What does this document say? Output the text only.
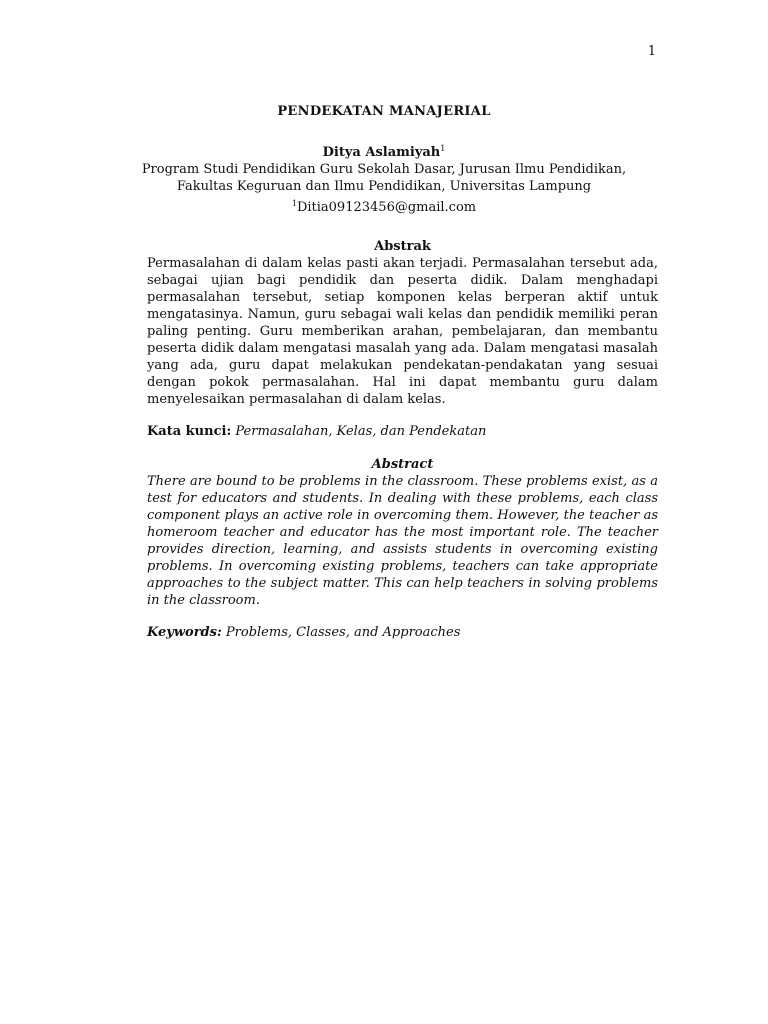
1
PENDEKATAN MANAJERIAL
Ditya Aslamiyah$^1$
Program Studi Pendidikan Guru Sekolah Dasar, Jurusan Ilmu Pendidikan,
Fakultas Keguruan dan Ilmu Pendidikan, Universitas Lampung
$^1$Ditia09123456@gmail.com
Abstrak
Permasalahan di dalam kelas pasti akan terjadi. Permasalahan tersebut ada, sebagai ujian bagi pendidik dan peserta didik. Dalam menghadapi permasalahan tersebut, setiap komponen kelas berperan aktif untuk mengatasinya. Namun, guru sebagai wali kelas dan pendidik memiliki peran paling penting. Guru memberikan arahan, pembelajaran, dan membantu peserta didik dalam mengatasi masalah yang ada. Dalam mengatasi masalah yang ada, guru dapat melakukan pendekatan-pendakatan yang sesuai dengan pokok permasalahan. Hal ini dapat membantu guru dalam menyelesaikan permasalahan di dalam kelas.
Kata kunci: Permasalahan, Kelas, dan Pendekatan
Abstract
There are bound to be problems in the classroom. These problems exist, as a test for educators and students. In dealing with these problems, each class component plays an active role in overcoming them. However, the teacher as homeroom teacher and educator has the most important role. The teacher provides direction, learning, and assists students in overcoming existing problems. In overcoming existing problems, teachers can take appropriate approaches to the subject matter. This can help teachers in solving problems in the classroom.
Keywords: Problems, Classes, and Approaches
